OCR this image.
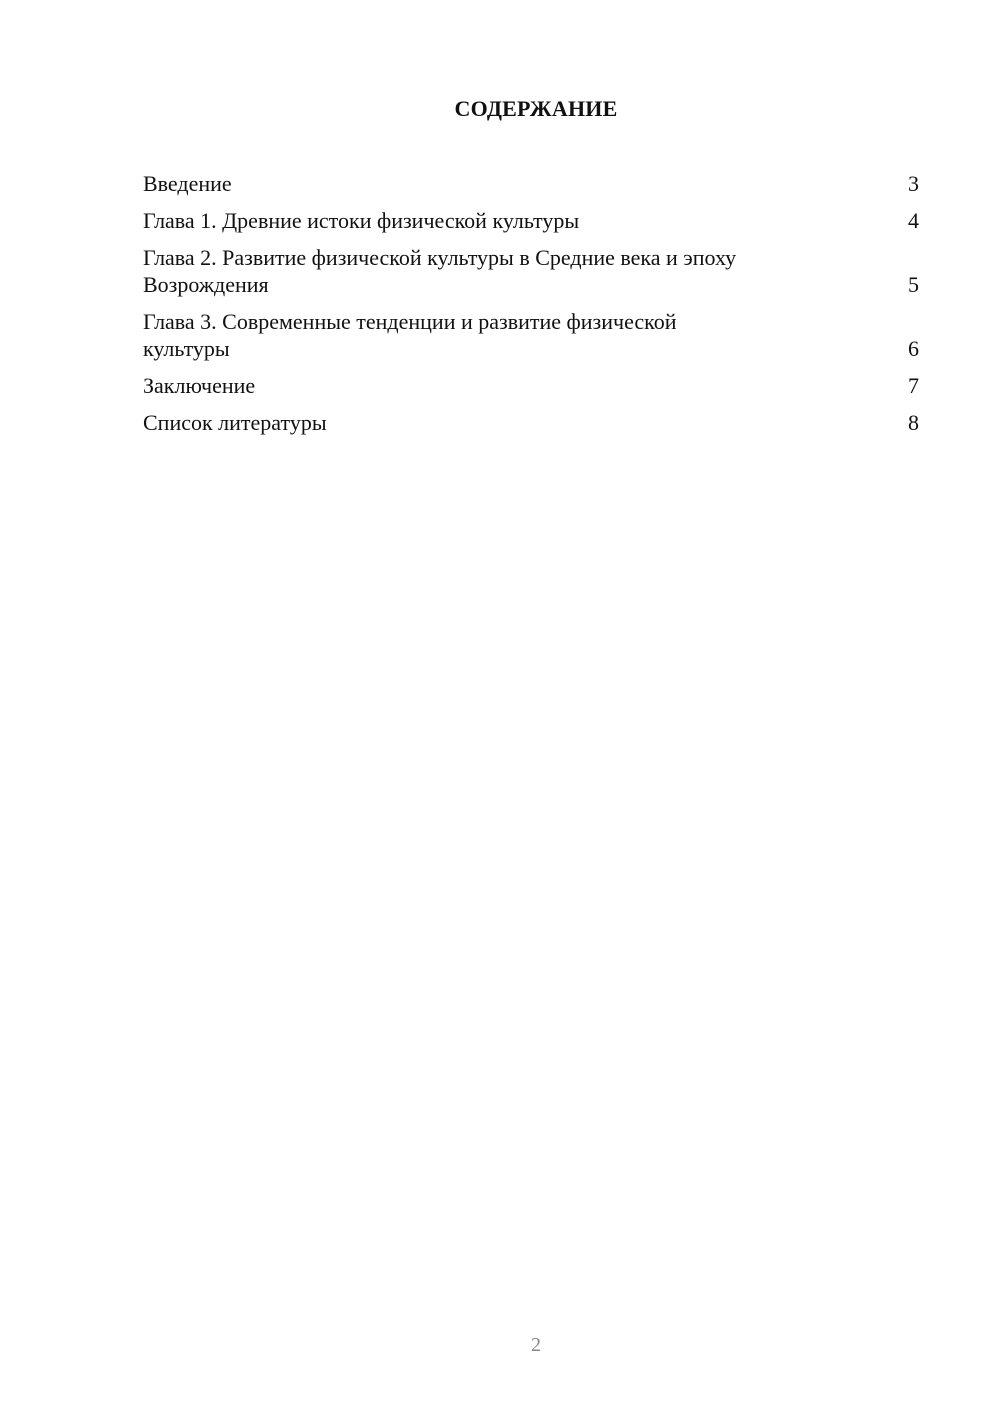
СОДЕРЖАНИЕ
Введение	3
Глава 1. Древние истоки физической культуры	4
Глава 2. Развитие физической культуры в Средние века и эпоху
Возрождения	5
Глава 3. Современные тенденции и развитие физической
культуры	6
Заключение	7
Список литературы	8
2
